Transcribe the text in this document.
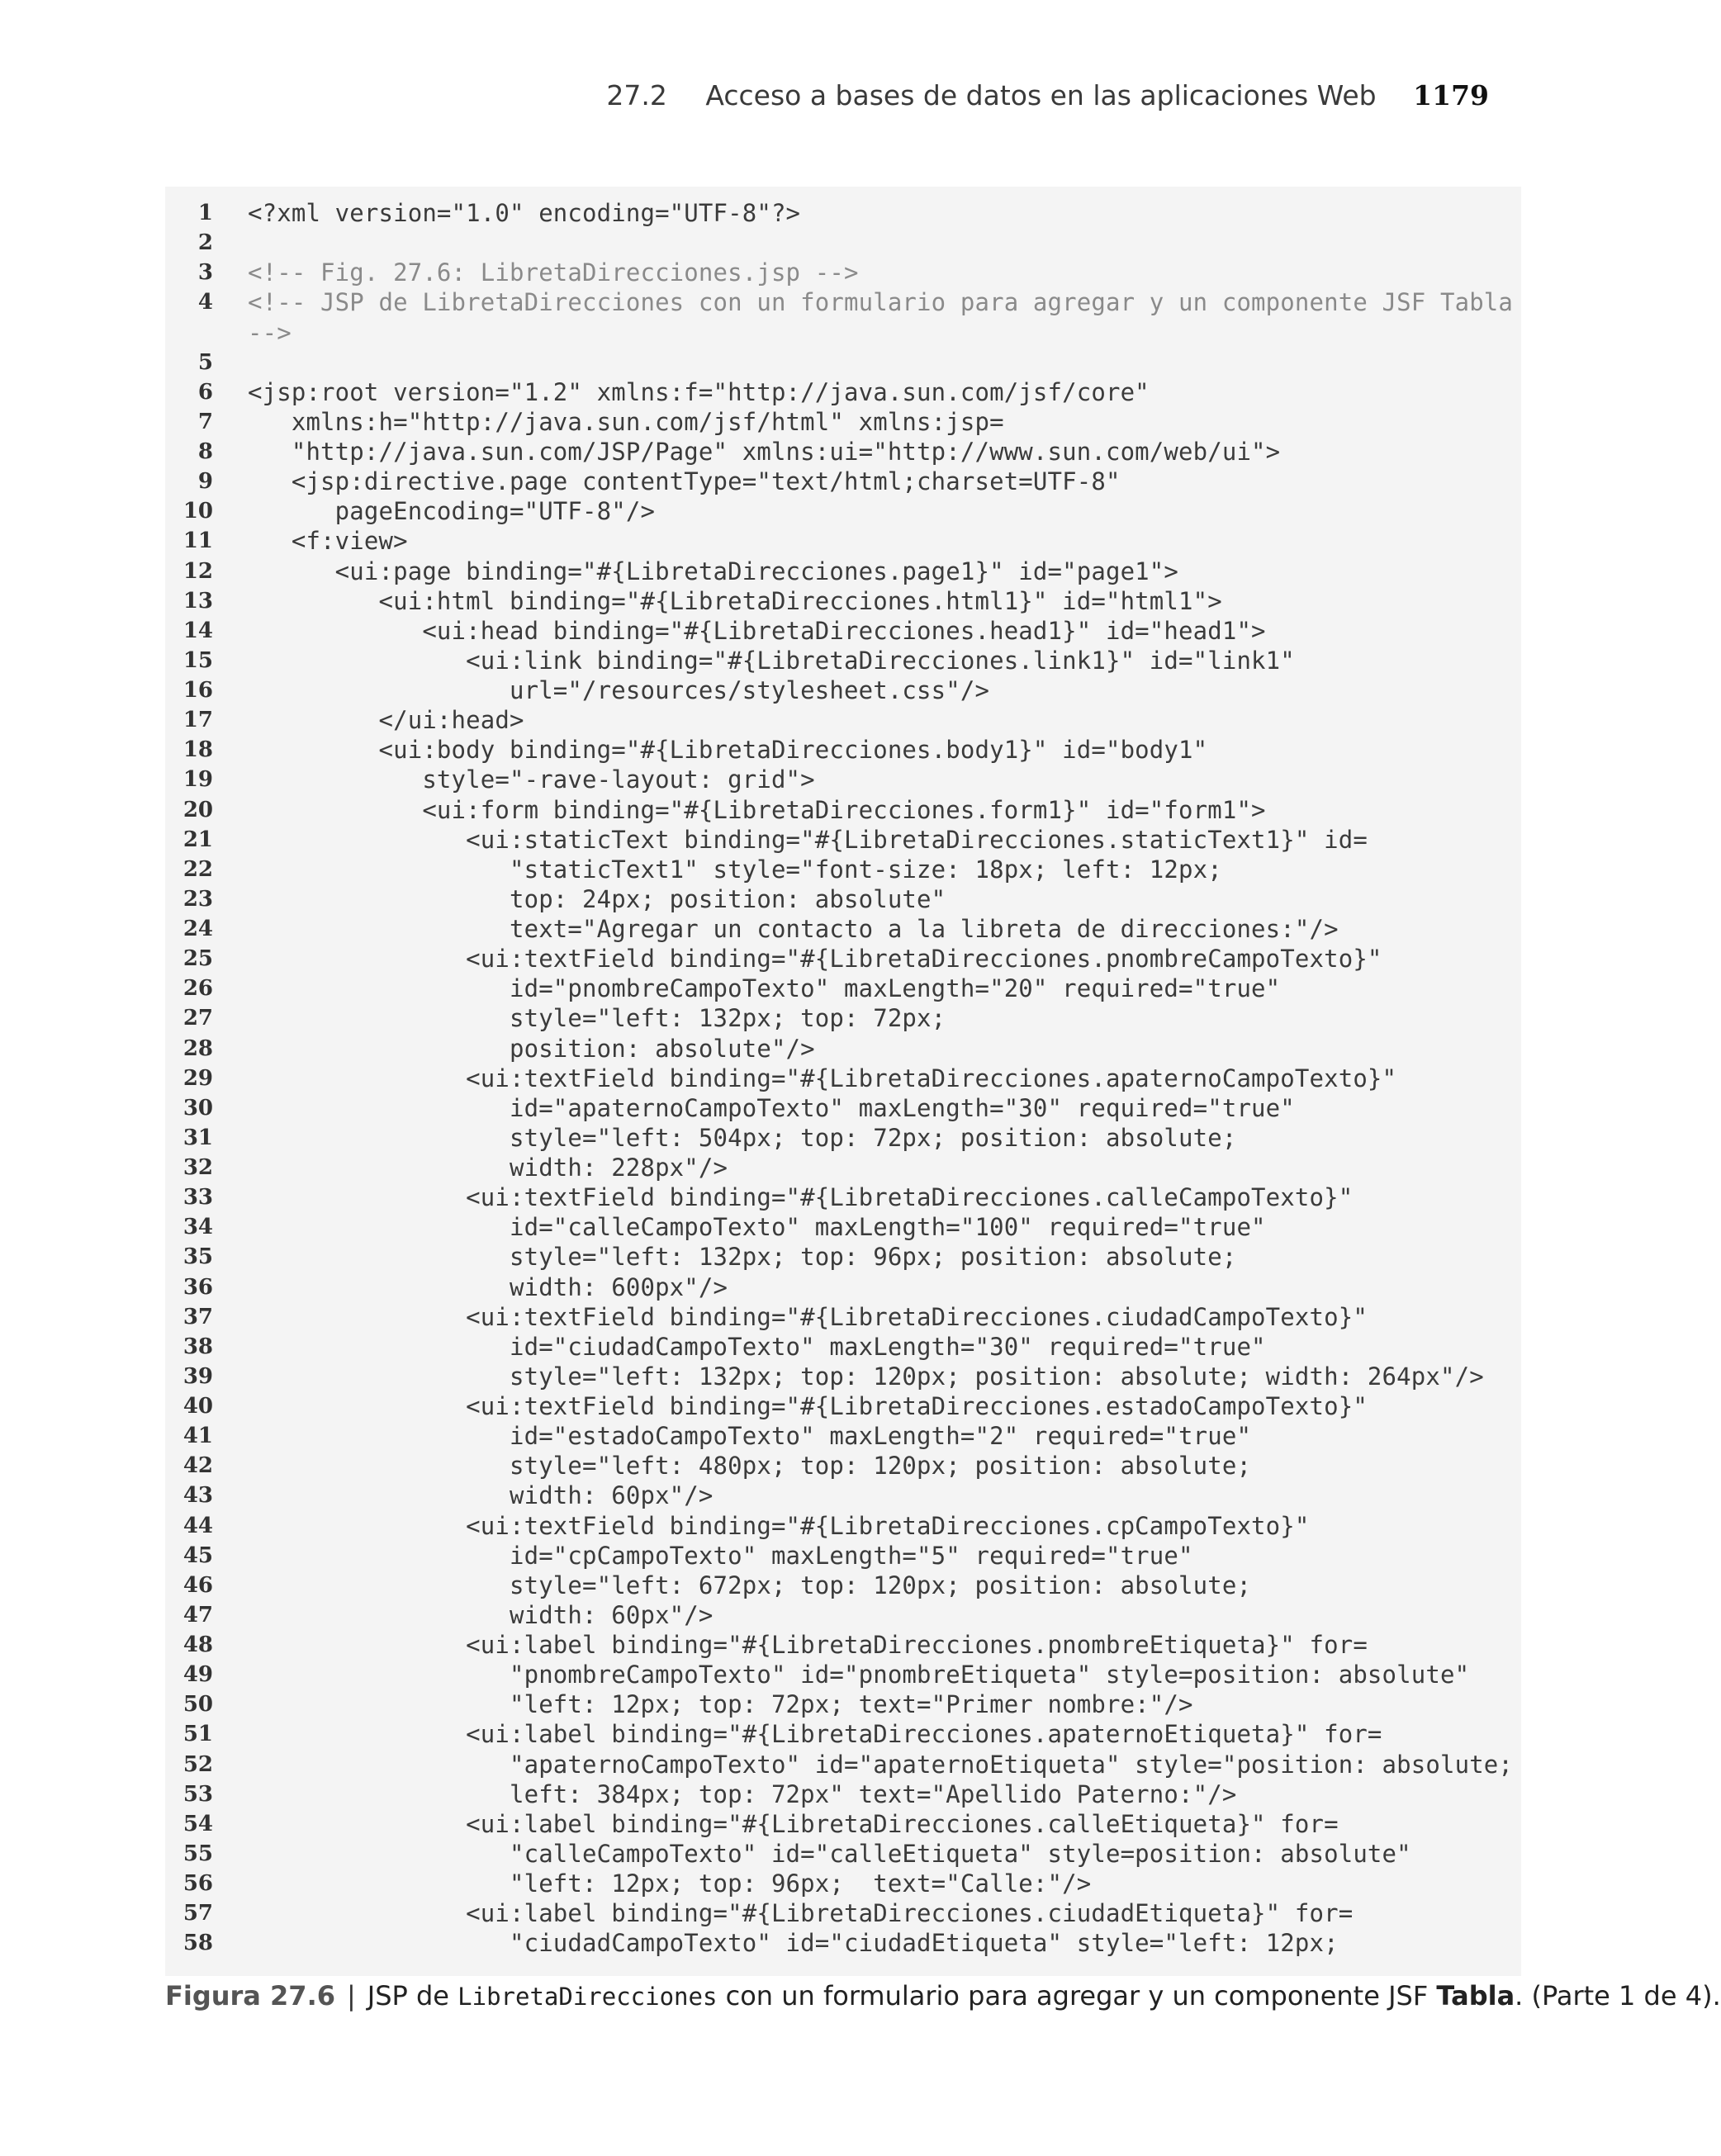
27.2 Acceso a bases de datos en las aplicaciones Web 1179
1 <?xml version="1.0" encoding="UTF-8"?>
2
3 <!-- Fig. 27.6: LibretaDirecciones.jsp -->
4 <!-- JSP de LibretaDirecciones con un formulario para agregar y un componente JSF Tabla
-->
5
6 <jsp:root version="1.2" xmlns:f="http://java.sun.com/jsf/core"
7 xmlns:h="http://java.sun.com/jsf/html" xmlns:jsp=
8 "http://java.sun.com/JSP/Page" xmlns:ui="http://www.sun.com/web/ui">
9 <jsp:directive.page contentType="text/html;charset=UTF-8"
10 pageEncoding="UTF-8"/>
11 <f:view>
12 <ui:page binding="#{LibretaDirecciones.page1}" id="page1">
13 <ui:html binding="#{LibretaDirecciones.html1}" id="html1">
14 <ui:head binding="#{LibretaDirecciones.head1}" id="head1">
15 <ui:link binding="#{LibretaDirecciones.link1}" id="link1"
16 url="/resources/stylesheet.css"/>
17 </ui:head>
18 <ui:body binding="#{LibretaDirecciones.body1}" id="body1"
19 style="-rave-layout: grid">
20 <ui:form binding="#{LibretaDirecciones.form1}" id="form1">
21 <ui:staticText binding="#{LibretaDirecciones.staticText1}" id=
22 "staticText1" style="font-size: 18px; left: 12px;
23 top: 24px; position: absolute"
24 text="Agregar un contacto a la libreta de direcciones:"/>
25 <ui:textField binding="#{LibretaDirecciones.pnombreCampoTexto}"
26 id="pnombreCampoTexto" maxLength="20" required="true"
27 style="left: 132px; top: 72px;
28 position: absolute"/>
29 <ui:textField binding="#{LibretaDirecciones.apaternoCampoTexto}"
30 id="apaternoCampoTexto" maxLength="30" required="true"
31 style="left: 504px; top: 72px; position: absolute;
32 width: 228px"/>
33 <ui:textField binding="#{LibretaDirecciones.calleCampoTexto}"
34 id="calleCampoTexto" maxLength="100" required="true"
35 style="left: 132px; top: 96px; position: absolute;
36 width: 600px"/>
37 <ui:textField binding="#{LibretaDirecciones.ciudadCampoTexto}"
38 id="ciudadCampoTexto" maxLength="30" required="true"
39 style="left: 132px; top: 120px; position: absolute; width: 264px"/>
40 <ui:textField binding="#{LibretaDirecciones.estadoCampoTexto}"
41 id="estadoCampoTexto" maxLength="2" required="true"
42 style="left: 480px; top: 120px; position: absolute;
43 width: 60px"/>
44 <ui:textField binding="#{LibretaDirecciones.cpCampoTexto}"
45 id="cpCampoTexto" maxLength="5" required="true"
46 style="left: 672px; top: 120px; position: absolute;
47 width: 60px"/>
48 <ui:label binding="#{LibretaDirecciones.pnombreEtiqueta}" for=
49 "pnombreCampoTexto" id="pnombreEtiqueta" style=position: absolute"
50 "left: 12px; top: 72px; text="Primer nombre:"/>
51 <ui:label binding="#{LibretaDirecciones.apaternoEtiqueta}" for=
52 "apaternoCampoTexto" id="apaternoEtiqueta" style="position: absolute;
53 left: 384px; top: 72px" text="Apellido Paterno:"/>
54 <ui:label binding="#{LibretaDirecciones.calleEtiqueta}" for=
55 "calleCampoTexto" id="calleEtiqueta" style=position: absolute"
56 "left: 12px; top: 96px;  text="Calle:"/>
57 <ui:label binding="#{LibretaDirecciones.ciudadEtiqueta}" for=
58 "ciudadCampoTexto" id="ciudadEtiqueta" style="left: 12px;
Figura 27.6 | JSP de LibretaDirecciones con un formulario para agregar y un componente JSF Tabla. (Parte 1 de 4).
